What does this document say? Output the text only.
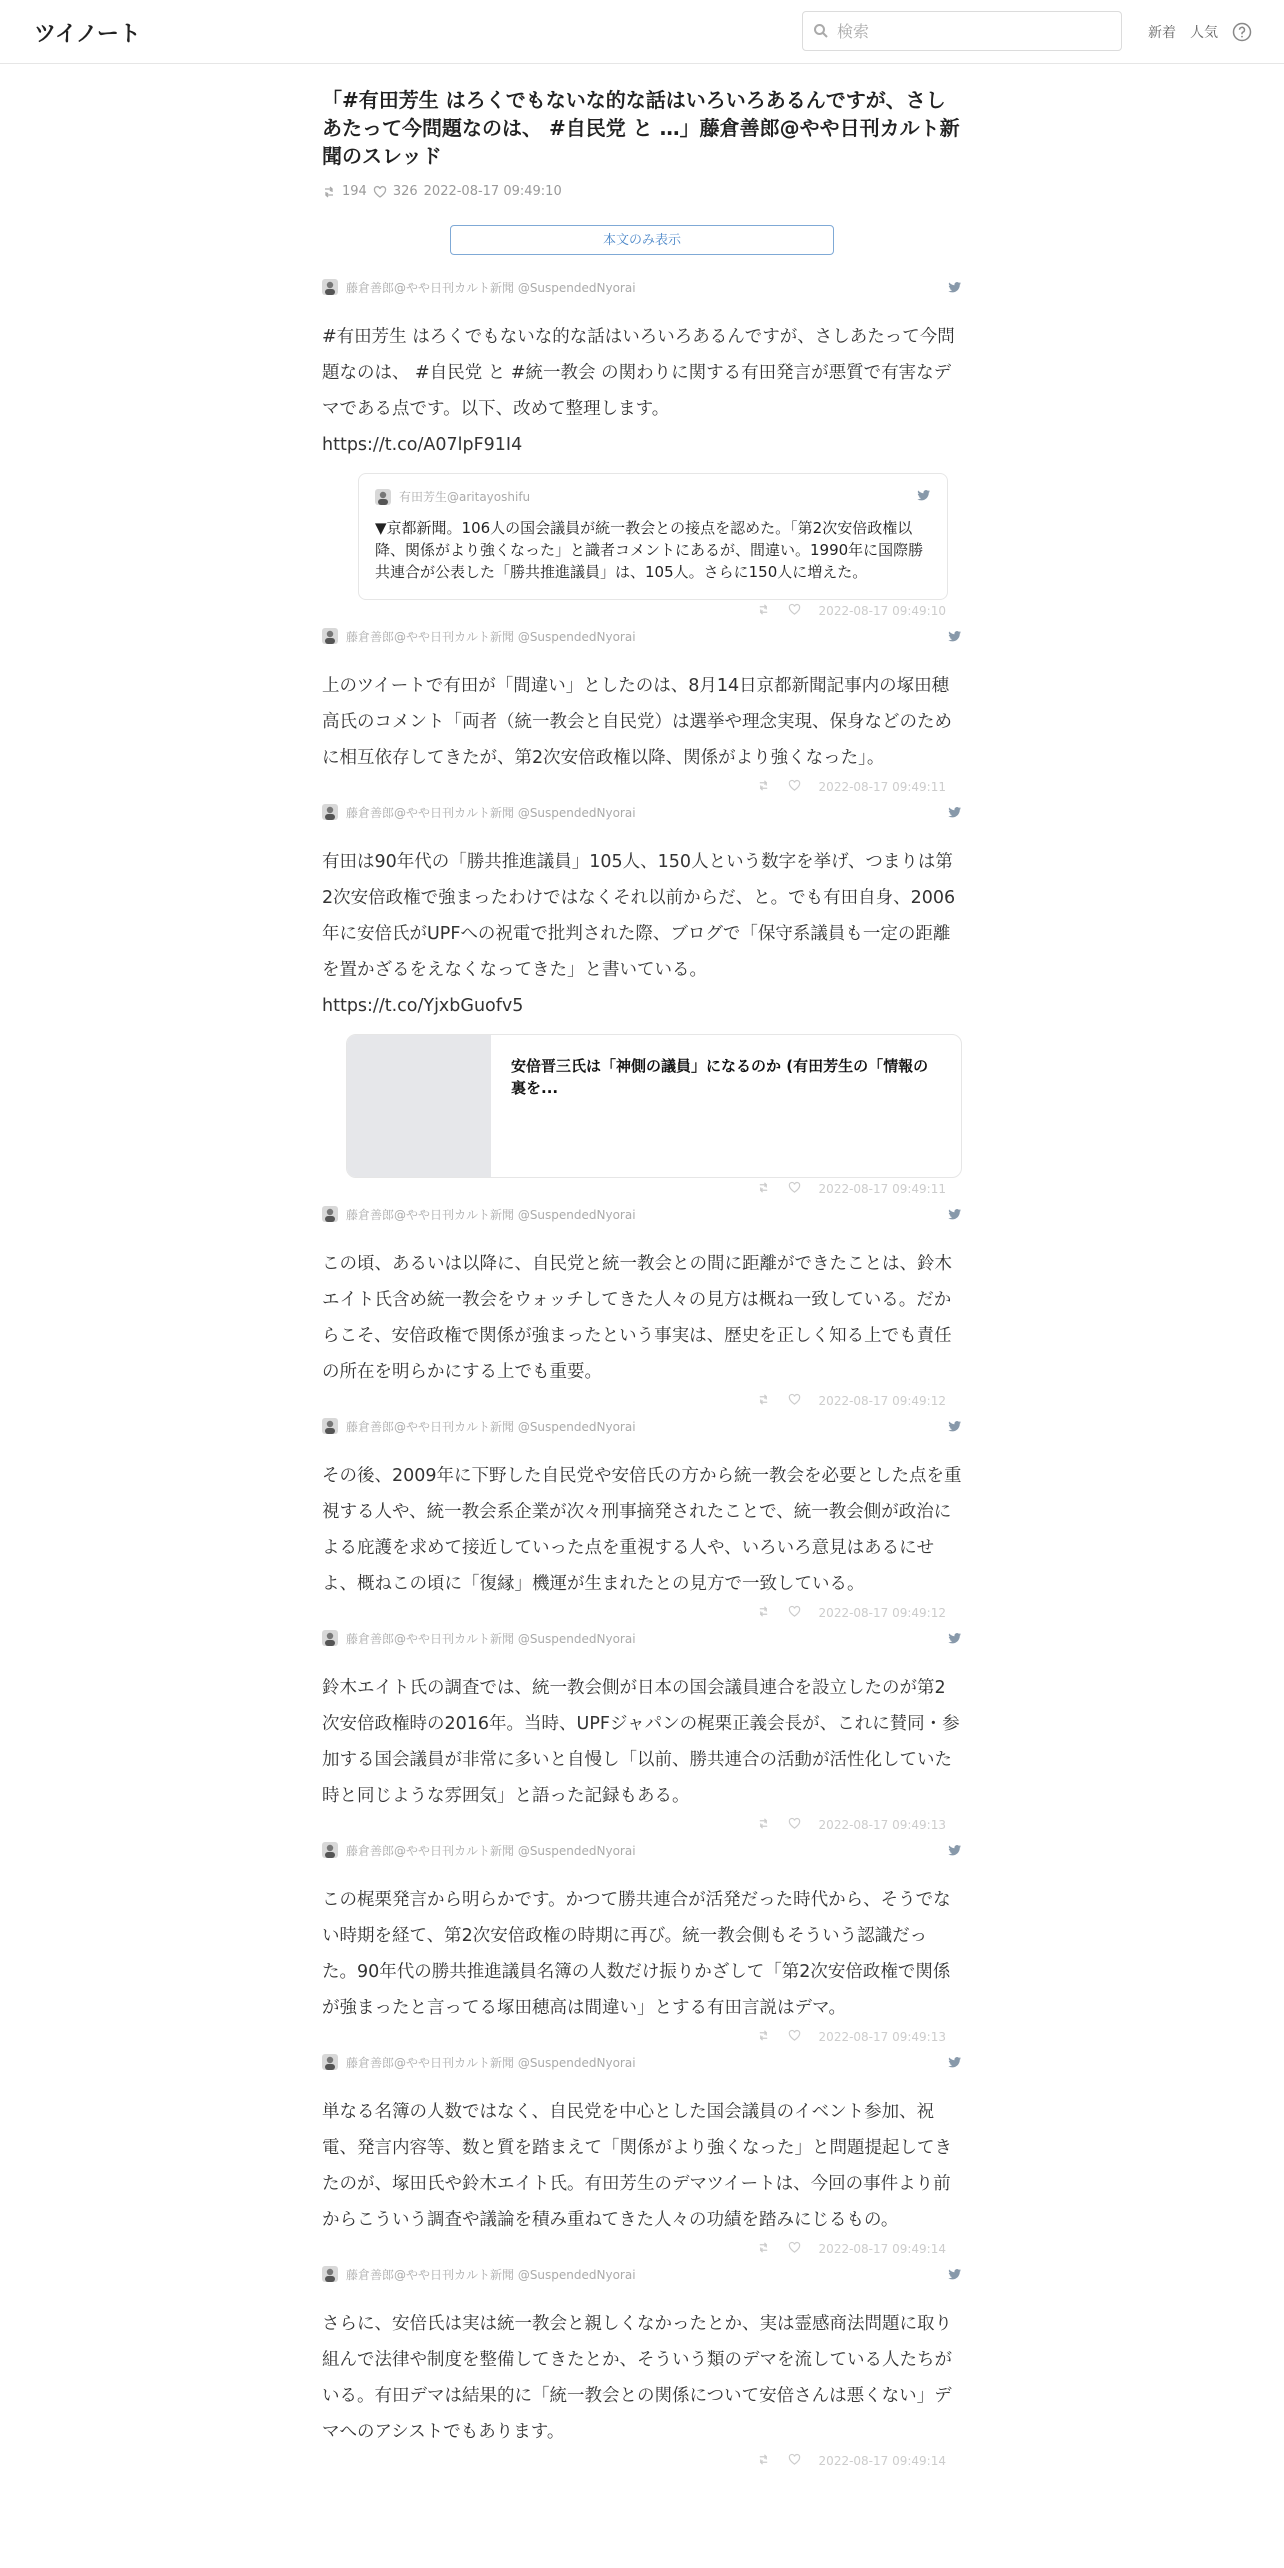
ツイノート
検索	新着 人気
「#有田芳生 はろくでもないな的な話はいろいろあるんですが、さしあたって今問題なのは、 #自民党 と …」藤倉善郎@やや日刊カルト新聞のスレッド
194 326 2022-08-17 09:49:10
本文のみ表示
藤倉善郎@やや日刊カルト新聞 @SuspendedNyorai
#有田芳生 はろくでもないな的な話はいろいろあるんですが、さしあたって今問題なのは、 #自民党 と #統一教会 の関わりに関する有田発言が悪質で有害なデマである点です。以下、改めて整理します。
https://t.co/A07lpF91I4
有田芳生@aritayoshifu
▼京都新聞。106人の国会議員が統一教会との接点を認めた。「第2次安倍政権以降、関係がより強くなった」と識者コメントにあるが、間違い。1990年に国際勝共連合が公表した「勝共推進議員」は、105人。さらに150人に増えた。
2022-08-17 09:49:10
藤倉善郎@やや日刊カルト新聞 @SuspendedNyorai
上のツイートで有田が「間違い」としたのは、8月14日京都新聞記事内の塚田穂高氏のコメント「両者（統一教会と自民党）は選挙や理念実現、保身などのために相互依存してきたが、第2次安倍政権以降、関係がより強くなった」。
2022-08-17 09:49:11
藤倉善郎@やや日刊カルト新聞 @SuspendedNyorai
有田は90年代の「勝共推進議員」105人、150人という数字を挙げ、つまりは第2次安倍政権で強まったわけではなくそれ以前からだ、と。でも有田自身、2006年に安倍氏がUPFへの祝電で批判された際、ブログで「保守系議員も一定の距離を置かざるをえなくなってきた」と書いている。
https://t.co/YjxbGuofv5
安倍晋三氏は「神側の議員」になるのか (有田芳生の「情報の裏を...
2022-08-17 09:49:11
藤倉善郎@やや日刊カルト新聞 @SuspendedNyorai
この頃、あるいは以降に、自民党と統一教会との間に距離ができたことは、鈴木エイト氏含め統一教会をウォッチしてきた人々の見方は概ね一致している。だからこそ、安倍政権で関係が強まったという事実は、歴史を正しく知る上でも責任の所在を明らかにする上でも重要。
2022-08-17 09:49:12
藤倉善郎@やや日刊カルト新聞 @SuspendedNyorai
その後、2009年に下野した自民党や安倍氏の方から統一教会を必要とした点を重視する人や、統一教会系企業が次々刑事摘発されたことで、統一教会側が政治による庇護を求めて接近していった点を重視する人や、いろいろ意見はあるにせよ、概ねこの頃に「復縁」機運が生まれたとの見方で一致している。
2022-08-17 09:49:12
藤倉善郎@やや日刊カルト新聞 @SuspendedNyorai
鈴木エイト氏の調査では、統一教会側が日本の国会議員連合を設立したのが第2次安倍政権時の2016年。当時、UPFジャパンの梶栗正義会長が、これに賛同・参加する国会議員が非常に多いと自慢し「以前、勝共連合の活動が活性化していた時と同じような雰囲気」と語った記録もある。
2022-08-17 09:49:13
藤倉善郎@やや日刊カルト新聞 @SuspendedNyorai
この梶栗発言から明らかです。かつて勝共連合が活発だった時代から、そうでない時期を経て、第2次安倍政権の時期に再び。統一教会側もそういう認識だった。90年代の勝共推進議員名簿の人数だけ振りかざして「第2次安倍政権で関係が強まったと言ってる塚田穂高は間違い」とする有田言説はデマ。
2022-08-17 09:49:13
藤倉善郎@やや日刊カルト新聞 @SuspendedNyorai
単なる名簿の人数ではなく、自民党を中心とした国会議員のイベント参加、祝電、発言内容等、数と質を踏まえて「関係がより強くなった」と問題提起してきたのが、塚田氏や鈴木エイト氏。有田芳生のデマツイートは、今回の事件より前からこういう調査や議論を積み重ねてきた人々の功績を踏みにじるもの。
2022-08-17 09:49:14
藤倉善郎@やや日刊カルト新聞 @SuspendedNyorai
さらに、安倍氏は実は統一教会と親しくなかったとか、実は霊感商法問題に取り組んで法律や制度を整備してきたとか、そういう類のデマを流している人たちがいる。有田デマは結果的に「統一教会との関係について安倍さんは悪くない」デマへのアシストでもあります。
2022-08-17 09:49:14
